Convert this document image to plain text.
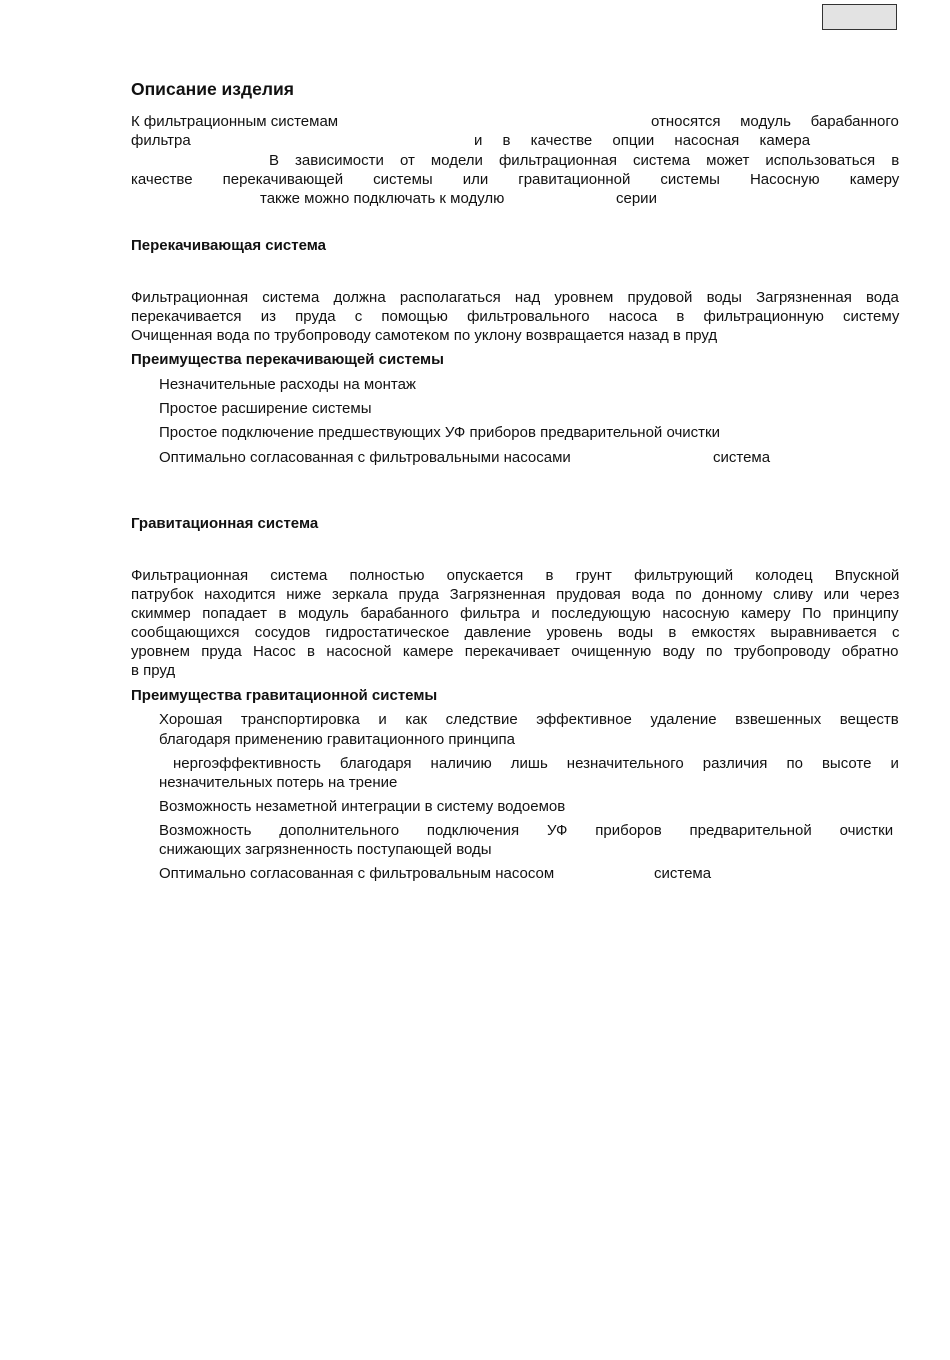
Описание изделия
К фильтрационным системам	относятся модуль барабанного
фильтра	и в качестве опции насосная камера
В зависимости от модели фильтрационная система может использоваться в
качестве перекачивающей системы или гравитационной системы Насосную камеру
также можно подключать к модулю	серии
Перекачивающая система
Фильтрационная система должна располагаться над уровнем прудовой воды Загрязненная вода
перекачивается из пруда с помощью фильтровального насоса в фильтрационную систему
Очищенная вода по трубопроводу самотеком по уклону возвращается назад в пруд
Преимущества перекачивающей системы
Незначительные расходы на монтаж
Простое расширение системы
Простое подключение предшествующих УФ приборов предварительной очистки
Оптимально согласованная с фильтровальными насосами	система
Гравитационная система
Фильтрационная система полностью опускается в грунт фильтрующий колодец Впускной
патрубок находится ниже зеркала пруда Загрязненная прудовая вода по донному сливу или через
скиммер попадает в модуль барабанного фильтра и последующую насосную камеру По принципу
сообщающихся сосудов гидростатическое давление уровень воды в емкостях выравнивается с
уровнем пруда Насос в насосной камере перекачивает очищенную воду по трубопроводу обратно
в пруд
Преимущества гравитационной системы
Хорошая транспортировка и как следствие эффективное удаление взвешенных веществ
благодаря применению гравитационного принципа
нергоэффективность благодаря наличию лишь незначительного различия по высоте и
незначительных потерь на трение
Возможность незаметной интеграции в систему водоемов
Возможность дополнительного подключения УФ приборов предварительной очистки
снижающих загрязненность поступающей воды
Оптимально согласованная с фильтровальным насосом	система
